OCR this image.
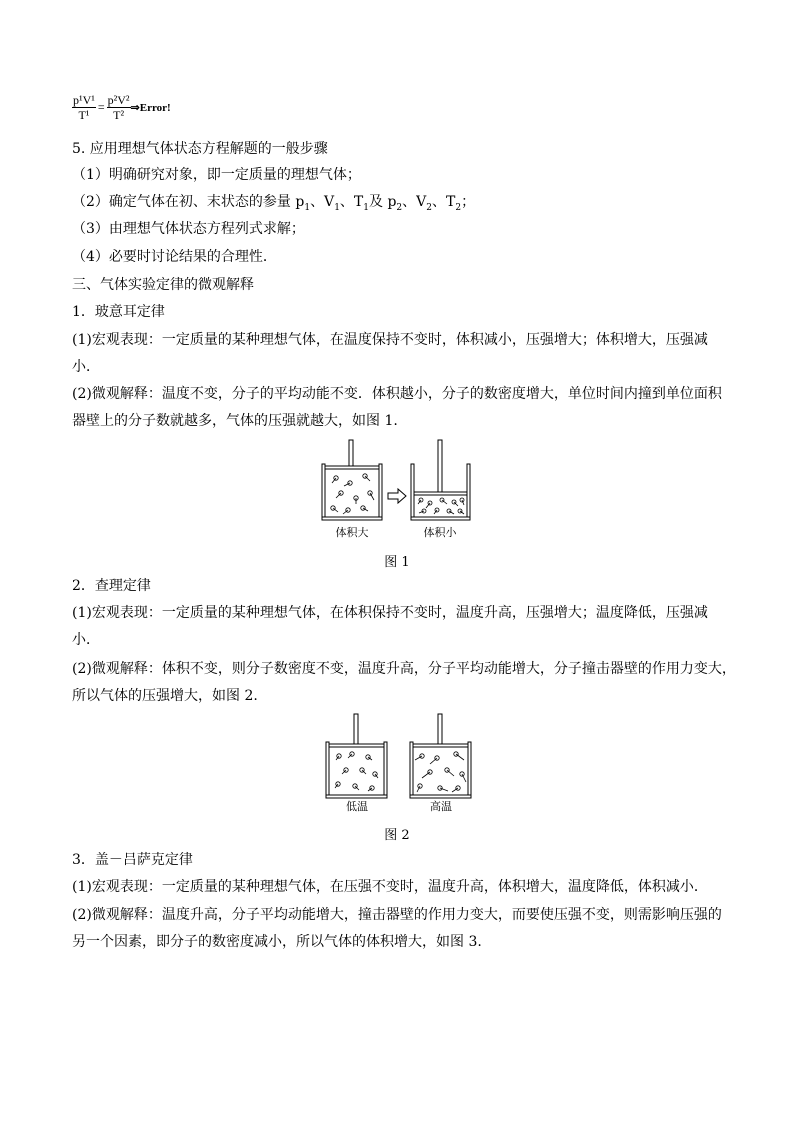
$\frac{\text{p¹V¹}}{\text{T¹}} = \frac{\text{p²V²}}{\text{T²}}$ ⇒Error!
5. 应用理想气体状态方程解题的一般步骤
（1）明确研究对象，即一定质量的理想气体；
（2）确定气体在初、末状态的参量 $p_1$、$V_1$、$T_1$及 $p_2$、$V_2$、$T_2$；
（3）由理想气体状态方程列式求解；
（4）必要时讨论结果的合理性．
三、气体实验定律的微观解释
1．玻意耳定律
(1)宏观表现：一定质量的某种理想气体，在温度保持不变时，体积减小，压强增大；体积增大，压强减
小．
(2)微观解释：温度不变，分子的平均动能不变．体积越小，分子的数密度增大，单位时间内撞到单位面积
器壁上的分子数就越多，气体的压强就越大，如图 1.
体积大	体积小
图 1
2．查理定律
(1)宏观表现：一定质量的某种理想气体，在体积保持不变时，温度升高，压强增大；温度降低，压强减
小．
(2)微观解释：体积不变，则分子数密度不变，温度升高，分子平均动能增大，分子撞击器壁的作用力变大，
所以气体的压强增大，如图 2.
低温	高温
图 2
3．盖－吕萨克定律
(1)宏观表现：一定质量的某种理想气体，在压强不变时，温度升高，体积增大，温度降低，体积减小．
(2)微观解释：温度升高，分子平均动能增大，撞击器壁的作用力变大，而要使压强不变，则需影响压强的
另一个因素，即分子的数密度减小，所以气体的体积增大，如图 3.
